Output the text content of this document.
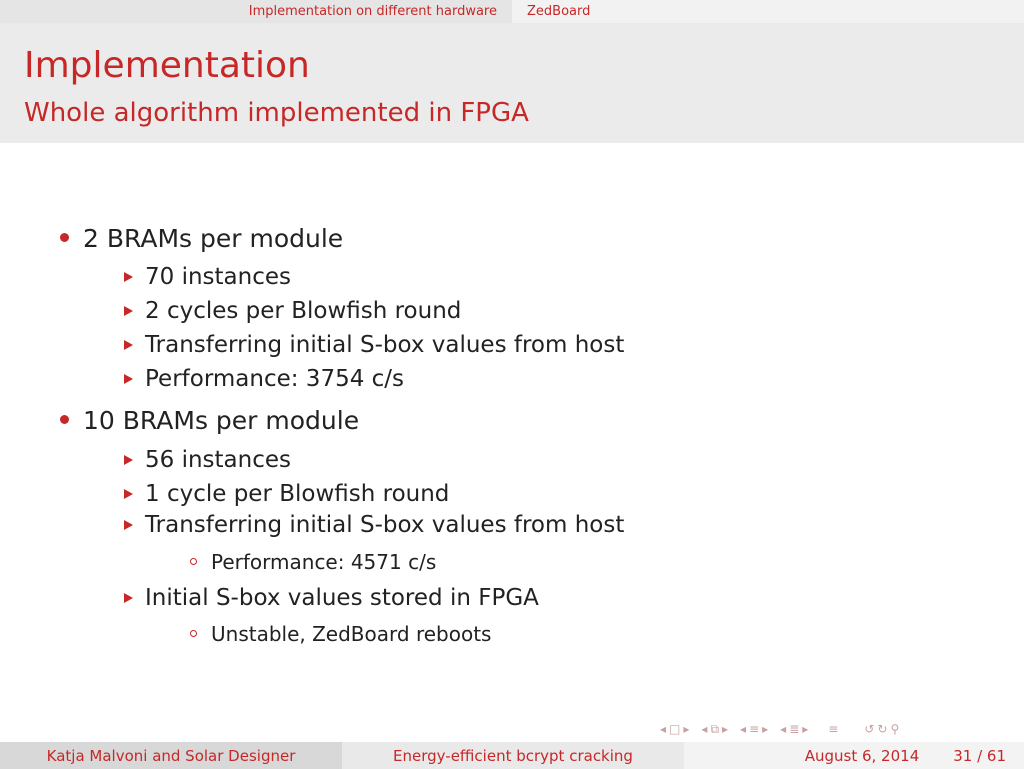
Implementation on different hardware ZedBoard
Implementation
Whole algorithm implemented in FPGA
2 BRAMs per module
70 instances
2 cycles per Blowfish round
Transferring initial S-box values from host
Performance: 3754 c/s
10 BRAMs per module
56 instances
1 cycle per Blowfish round
Transferring initial S-box values from host
Performance: 4571 c/s
Initial S-box values stored in FPGA
Unstable, ZedBoard reboots
◂ □ ▸ ◂ ⧉ ▸ ◂ ≡ ▸ ◂ ≣ ▸ ≡ ↺ ↻ ⚲
Katja Malvoni and Solar Designer	Energy-efficient bcrypt cracking	August 6, 2014 31 / 61
